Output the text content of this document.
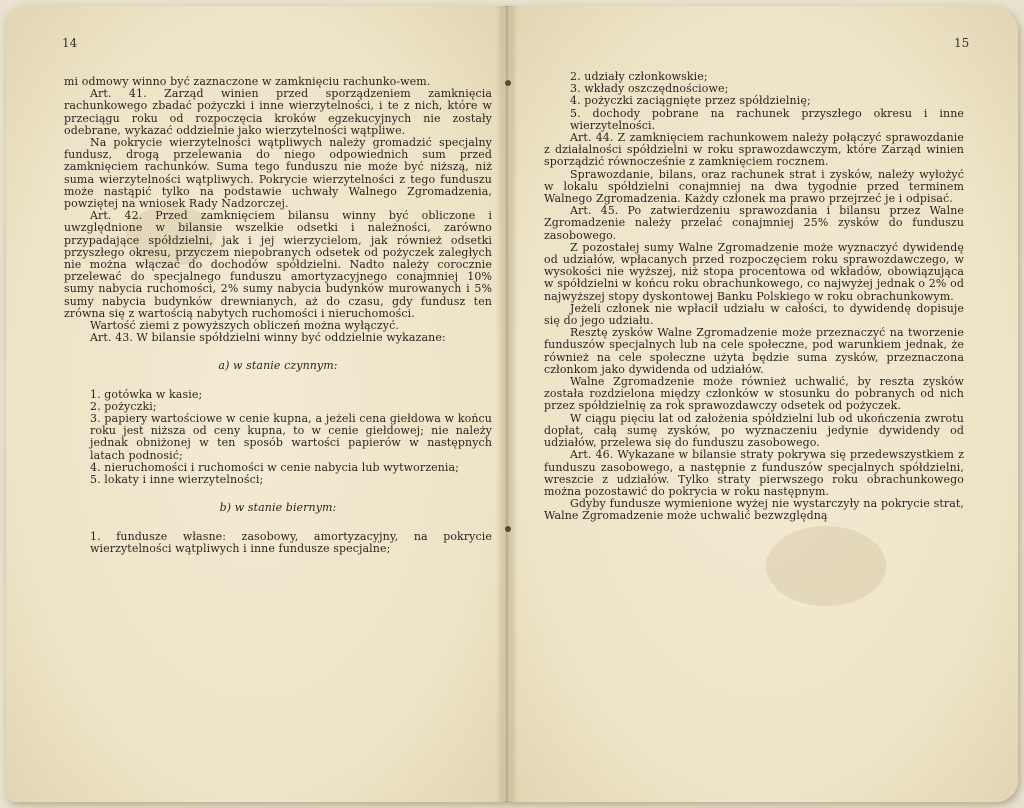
14	15

mi odmowy winno być zaznaczone w zamknięciu rachunko-wem.

Art. 41. Zarząd winien przed sporządzeniem zamknięcia rachunkowego zbadać pożyczki i inne wierzytelności, i te z nich, które w przeciągu roku od rozpoczęcia kroków egzekucyjnych nie zostały odebrane, wykazać oddzielnie jako wierzytelności wątpliwe.

Na pokrycie wierzytelności wątpliwych należy gromadzić specjalny fundusz, drogą przelewania do niego odpowiednich sum przed zamknięciem rachunków. Suma tego funduszu nie może być niższą, niż suma wierzytelności wątpliwych. Pokrycie wierzytelności z tego funduszu może nastąpić tylko na podstawie uchwały Walnego Zgromadzenia, powziętej na wniosek Rady Nadzorczej.

Art. 42. Przed zamknięciem bilansu winny być obliczone i uwzględnione w bilansie wszelkie odsetki i należności, zarówno przypadające spółdzielni, jak i jej wierzycielom, jak również odsetki przyszłego okresu, przyczem niepobranych odsetek od pożyczek zaległych nie można włączać do dochodów spółdzielni. Nadto należy corocznie przelewać do specjalnego funduszu amortyzacyjnego conajmniej 10% sumy nabycia ruchomości, 2% sumy nabycia budynków murowanych i 5% sumy nabycia budynków drewnianych, aż do czasu, gdy fundusz ten zrówna się z wartością nabytych ruchomości i nieruchomości.

Wartość ziemi z powyższych obliczeń można wyłączyć.

Art. 43. W bilansie spółdzielni winny być oddzielnie wykazane:

a) w stanie czynnym:

1. gotówka w kasie;

2. pożyczki;

3. papiery wartościowe w cenie kupna, a jeżeli cena giełdowa w końcu roku jest niższa od ceny kupna, to w cenie giełdowej; nie należy jednak obniżonej w ten sposób wartości papierów w następnych latach podnosić;

4. nieruchomości i ruchomości w cenie nabycia lub wytworzenia;

5. lokaty i inne wierzytelności;

b) w stanie biernym:

1. fundusze własne: zasobowy, amortyzacyjny, na pokrycie wierzytelności wątpliwych i inne fundusze specjalne;

2. udziały członkowskie;

3. wkłady oszczędnościowe;

4. pożyczki zaciągnięte przez spółdzielnię;

5. dochody pobrane na rachunek przyszłego okresu i inne wierzytelności.

Art. 44. Z zamknięciem rachunkowem należy połączyć sprawozdanie z działalności spółdzielni w roku sprawozdawczym, które Zarząd winien sporządzić równocześnie z zamknięciem rocznem.

Sprawozdanie, bilans, oraz rachunek strat i zysków, należy wyłożyć w lokalu spółdzielni conajmniej na dwa tygodnie przed terminem Walnego Zgromadzenia. Każdy członek ma prawo przejrzeć je i odpisać.

Art. 45. Po zatwierdzeniu sprawozdania i bilansu przez Walne Zgromadzenie należy przelać conajmniej 25% zysków do funduszu zasobowego.

Z pozostałej sumy Walne Zgromadzenie może wyznaczyć dywidendę od udziałów, wpłacanych przed rozpoczęciem roku sprawozdawczego, w wysokości nie wyższej, niż stopa procentowa od wkładów, obowiązująca w spółdzielni w końcu roku obrachunkowego, co najwyżej jednak o 2% od najwyższej stopy dyskontowej Banku Polskiego w roku obrachunkowym.

Jeżeli członek nie wpłacił udziału w całości, to dywidendę dopisuje się do jego udziału.

Resztę zysków Walne Zgromadzenie może przeznaczyć na tworzenie funduszów specjalnych lub na cele społeczne, pod warunkiem jednak, że również na cele społeczne użyta będzie suma zysków, przeznaczona członkom jako dywidenda od udziałów.

Walne Zgromadzenie może również uchwalić, by reszta zysków została rozdzielona między członków w stosunku do pobranych od nich przez spółdzielnię za rok sprawozdawczy odsetek od pożyczek.

W ciągu pięciu lat od założenia spółdzielni lub od ukończenia zwrotu dopłat, całą sumę zysków, po wyznaczeniu jedynie dywidendy od udziałów, przelewa się do funduszu zasobowego.

Art. 46. Wykazane w bilansie straty pokrywa się przedewszystkiem z funduszu zasobowego, a następnie z funduszów specjalnych spółdzielni, wreszcie z udziałów. Tylko straty pierwszego roku obrachunkowego można pozostawić do pokrycia w roku następnym.

Gdyby fundusze wymienione wyżej nie wystarczyły na pokrycie strat, Walne Zgromadzenie może uchwalić bezwzględną
